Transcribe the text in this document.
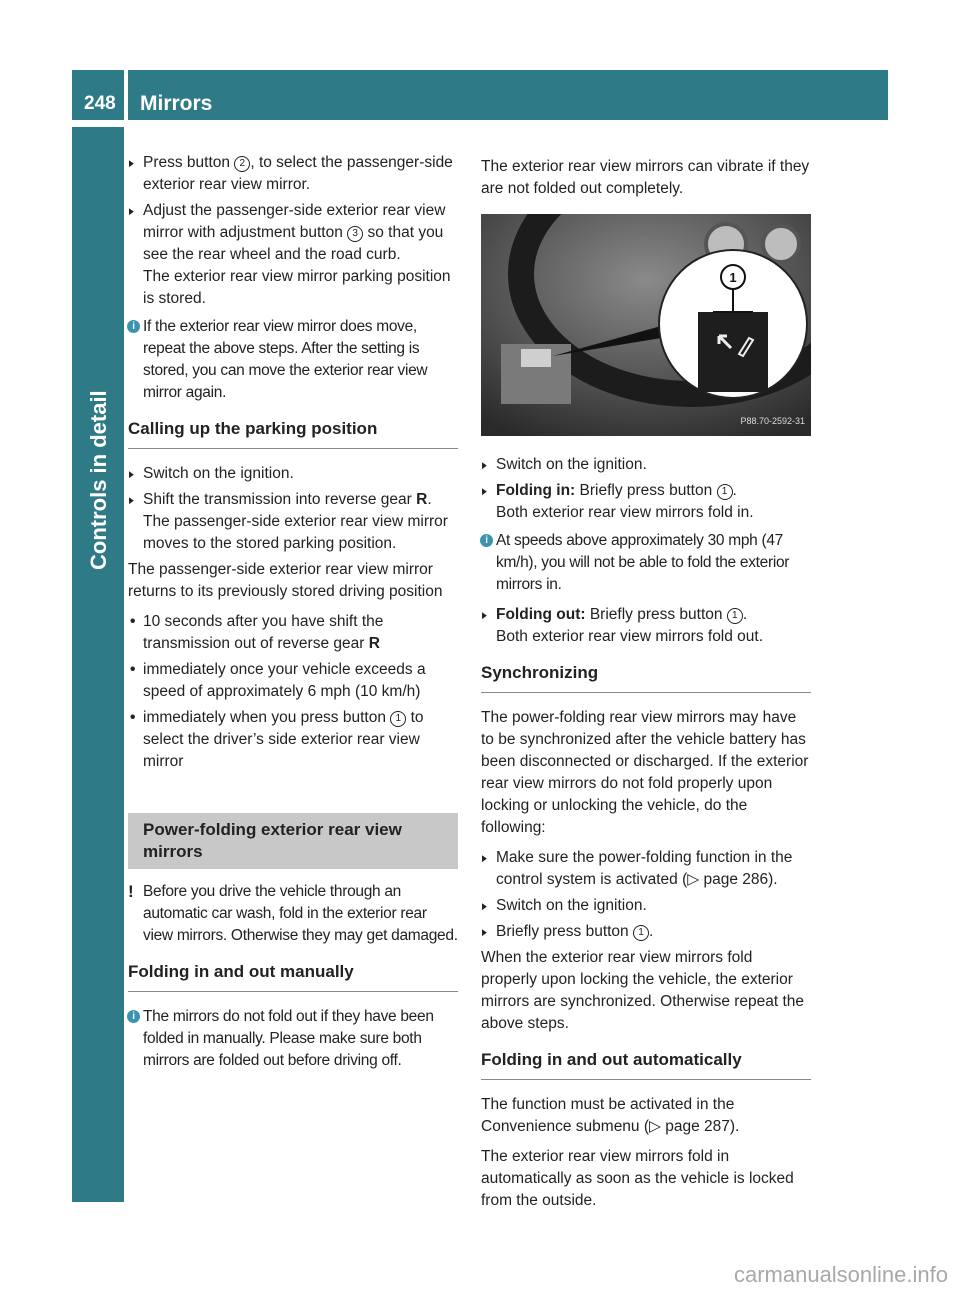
248 Mirrors
Controls in detail
▶ Press button 2 , to select the passenger-side exterior rear view mirror.
▶ Adjust the passenger-side exterior rear view mirror with adjustment button 3 so that you see the rear wheel and the road curb.
The exterior rear view mirror parking position is stored.
i If the exterior rear view mirror does move, repeat the above steps. After the setting is stored, you can move the exterior rear view mirror again.
Calling up the parking position
▶ Switch on the ignition.
▶ Shift the transmission into reverse gear R.
The passenger-side exterior rear view mirror moves to the stored parking position.
The passenger-side exterior rear view mirror returns to its previously stored driving position
• 10 seconds after you have shift the transmission out of reverse gear R
• immediately once your vehicle exceeds a speed of approximately 6 mph (10 km/h)
• immediately when you press button 1 to select the driver’s side exterior rear view mirror
Power-folding exterior rear view mirrors
! Before you drive the vehicle through an automatic car wash, fold in the exterior rear view mirrors. Otherwise they may get damaged.
Folding in and out manually
i The mirrors do not fold out if they have been folded in manually. Please make sure both mirrors are folded out before driving off.
The exterior rear view mirrors can vibrate if they are not folded out completely.
1
P88.70-2592-31
▶ Switch on the ignition.
▶ Folding in: Briefly press button 1 .
Both exterior rear view mirrors fold in.
i At speeds above approximately 30 mph (47 km/h), you will not be able to fold the exterior mirrors in.
▶ Folding out: Briefly press button 1 .
Both exterior rear view mirrors fold out.
Synchronizing
The power-folding rear view mirrors may have to be synchronized after the vehicle battery has been disconnected or discharged. If the exterior rear view mirrors do not fold properly upon locking or unlocking the vehicle, do the following:
▶ Make sure the power-folding function in the control system is activated (▷ page 286).
▶ Switch on the ignition.
▶ Briefly press button 1 .
When the exterior rear view mirrors fold properly upon locking the vehicle, the exterior mirrors are synchronized. Otherwise repeat the above steps.
Folding in and out automatically
The function must be activated in the Convenience submenu (▷ page 287).
The exterior rear view mirrors fold in automatically as soon as the vehicle is locked from the outside.
carmanualsonline.info
